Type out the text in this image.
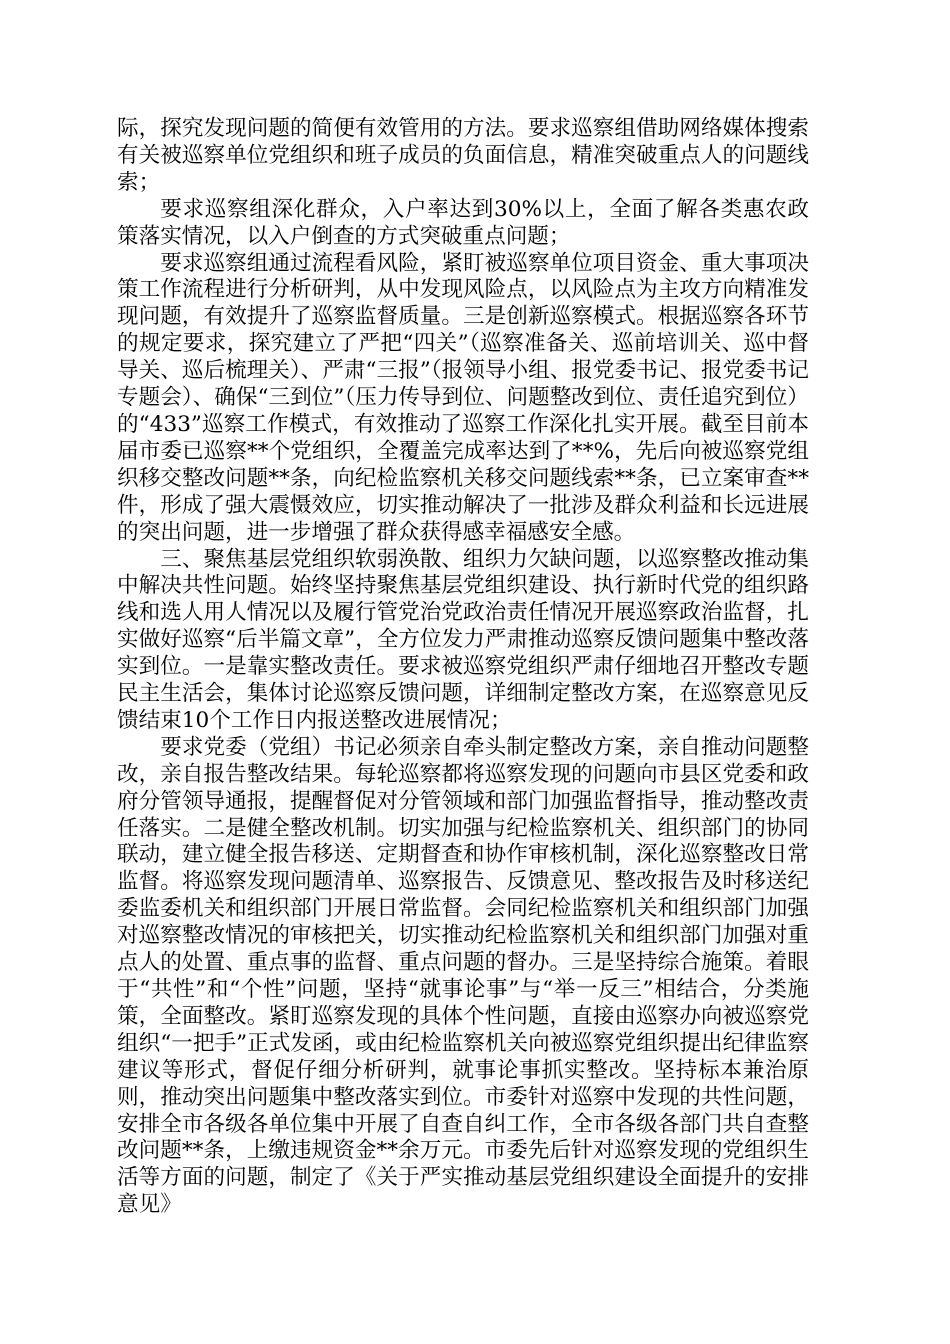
际，探究发现问题的简便有效管用的方法。要求巡察组借助网络媒体搜索有关被巡察单位党组织和班子成员的负面信息，精准突破重点人的问题线索；

要求巡察组深化群众，入户率达到30%以上，全面了解各类惠农政策落实情况，以入户倒查的方式突破重点问题；

要求巡察组通过流程看风险，紧盯被巡察单位项目资金、重大事项决策工作流程进行分析研判，从中发现风险点，以风险点为主攻方向精准发现问题，有效提升了巡察监督质量。三是创新巡察模式。根据巡察各环节的规定要求，探究建立了严把“四关”（巡察准备关、巡前培训关、巡中督导关、巡后梳理关）、严肃“三报”（报领导小组、报党委书记、报党委书记专题会）、确保“三到位”（压力传导到位、问题整改到位、责任追究到位）的“433”巡察工作模式，有效推动了巡察工作深化扎实开展。截至目前本届市委已巡察**个党组织，全覆盖完成率达到了**%，先后向被巡察党组织移交整改问题**条，向纪检监察机关移交问题线索**条，已立案审查**件，形成了强大震慑效应，切实推动解决了一批涉及群众利益和长远进展的突出问题，进一步增强了群众获得感幸福感安全感。

三、聚焦基层党组织软弱涣散、组织力欠缺问题，以巡察整改推动集中解决共性问题。始终坚持聚焦基层党组织建设、执行新时代党的组织路线和选人用人情况以及履行管党治党政治责任情况开展巡察政治监督，扎实做好巡察“后半篇文章”，全方位发力严肃推动巡察反馈问题集中整改落实到位。一是靠实整改责任。要求被巡察党组织严肃仔细地召开整改专题民主生活会，集体讨论巡察反馈问题，详细制定整改方案，在巡察意见反馈结束10个工作日内报送整改进展情况；

要求党委（党组）书记必须亲自牵头制定整改方案，亲自推动问题整改，亲自报告整改结果。每轮巡察都将巡察发现的问题向市县区党委和政府分管领导通报，提醒督促对分管领域和部门加强监督指导，推动整改责任落实。二是健全整改机制。切实加强与纪检监察机关、组织部门的协同联动，建立健全报告移送、定期督查和协作审核机制，深化巡察整改日常监督。将巡察发现问题清单、巡察报告、反馈意见、整改报告及时移送纪委监委机关和组织部门开展日常监督。会同纪检监察机关和组织部门加强对巡察整改情况的审核把关，切实推动纪检监察机关和组织部门加强对重点人的处置、重点事的监督、重点问题的督办。三是坚持综合施策。着眼于“共性”和“个性”问题，坚持“就事论事”与“举一反三”相结合，分类施策，全面整改。紧盯巡察发现的具体个性问题，直接由巡察办向被巡察党组织“一把手”正式发函，或由纪检监察机关向被巡察党组织提出纪律监察建议等形式，督促仔细分析研判，就事论事抓实整改。坚持标本兼治原则，推动突出问题集中整改落实到位。市委针对巡察中发现的共性问题，安排全市各级各单位集中开展了自查自纠工作，全市各级各部门共自查整改问题**条，上缴违规资金**余万元。市委先后针对巡察发现的党组织生活等方面的问题，制定了《关于严实推动基层党组织建设全面提升的安排意见》
